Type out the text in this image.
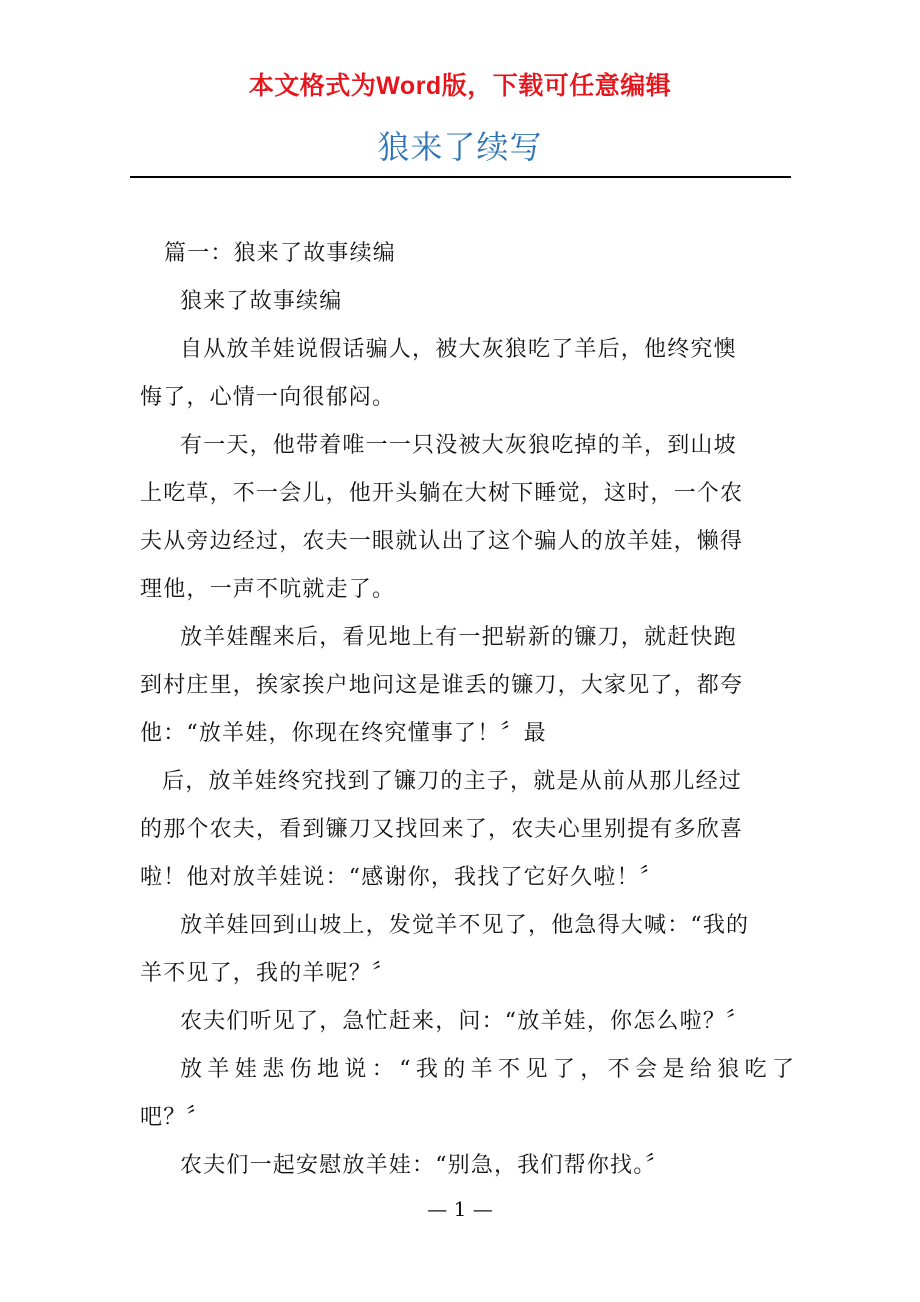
本文格式为Word版，下载可任意编辑
狼来了续写
篇一：狼来了故事续编
狼来了故事续编
自从放羊娃说假话骗人，被大灰狼吃了羊后，他终究懊
悔了，心情一向很郁闷。
有一天，他带着唯一一只没被大灰狼吃掉的羊，到山坡
上吃草，不一会儿，他开头躺在大树下睡觉，这时，一个农
夫从旁边经过，农夫一眼就认出了这个骗人的放羊娃，懒得
理他，一声不吭就走了。
放羊娃醒来后，看见地上有一把崭新的镰刀，就赶快跑
到村庄里，挨家挨户地问这是谁丢的镰刀，大家见了，都夸
他：“放羊娃，你现在终究懂事了！〞最
后，放羊娃终究找到了镰刀的主子，就是从前从那儿经过
的那个农夫，看到镰刀又找回来了，农夫心里别提有多欣喜
啦！他对放羊娃说：“感谢你，我找了它好久啦！〞
放羊娃回到山坡上，发觉羊不见了，他急得大喊：“我的
羊不见了，我的羊呢？〞
农夫们听见了，急忙赶来，问：“放羊娃，你怎么啦？〞
放羊娃悲伤地说：“我的羊不见了，不会是给狼吃了
吧？〞
农夫们一起安慰放羊娃：“别急，我们帮你找。〞
— 1 —
